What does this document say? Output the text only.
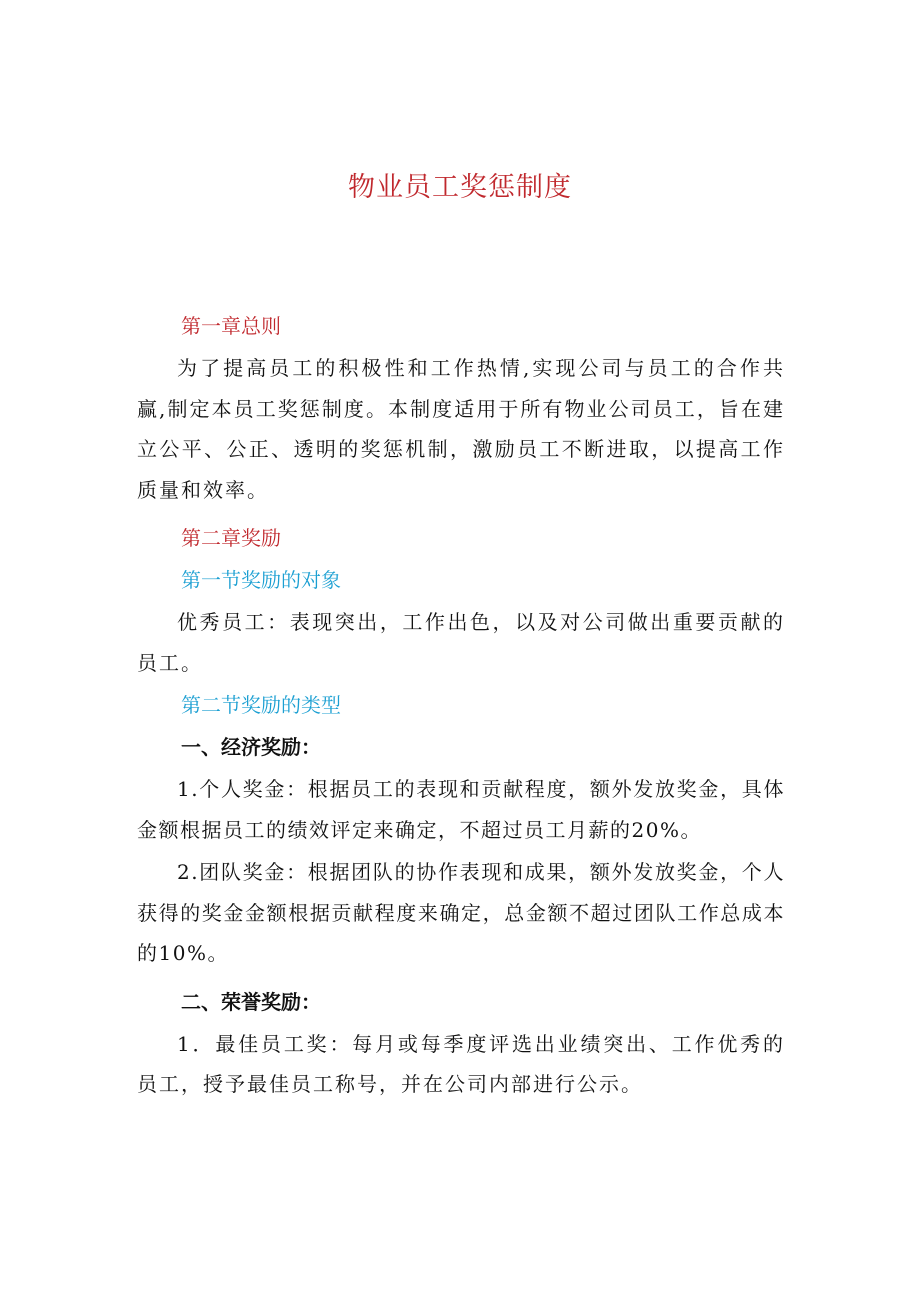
物业员工奖惩制度
第一章总则

为了提高员工的积极性和工作热情,实现公司与员工的合作共赢,制定本员工奖惩制度。本制度适用于所有物业公司员工，旨在建立公平、公正、透明的奖惩机制，激励员工不断进取，以提高工作质量和效率。

第二章奖励
第一节奖励的对象

优秀员工：表现突出，工作出色，以及对公司做出重要贡献的员工。

第二节奖励的类型
一、经济奖励：

1.个人奖金：根据员工的表现和贡献程度，额外发放奖金，具体金额根据员工的绩效评定来确定，不超过员工月薪的20%。

2.团队奖金：根据团队的协作表现和成果，额外发放奖金，个人获得的奖金金额根据贡献程度来确定，总金额不超过团队工作总成本的10%。

二、荣誉奖励：

1．最佳员工奖：每月或每季度评选出业绩突出、工作优秀的员工，授予最佳员工称号，并在公司内部进行公示。
